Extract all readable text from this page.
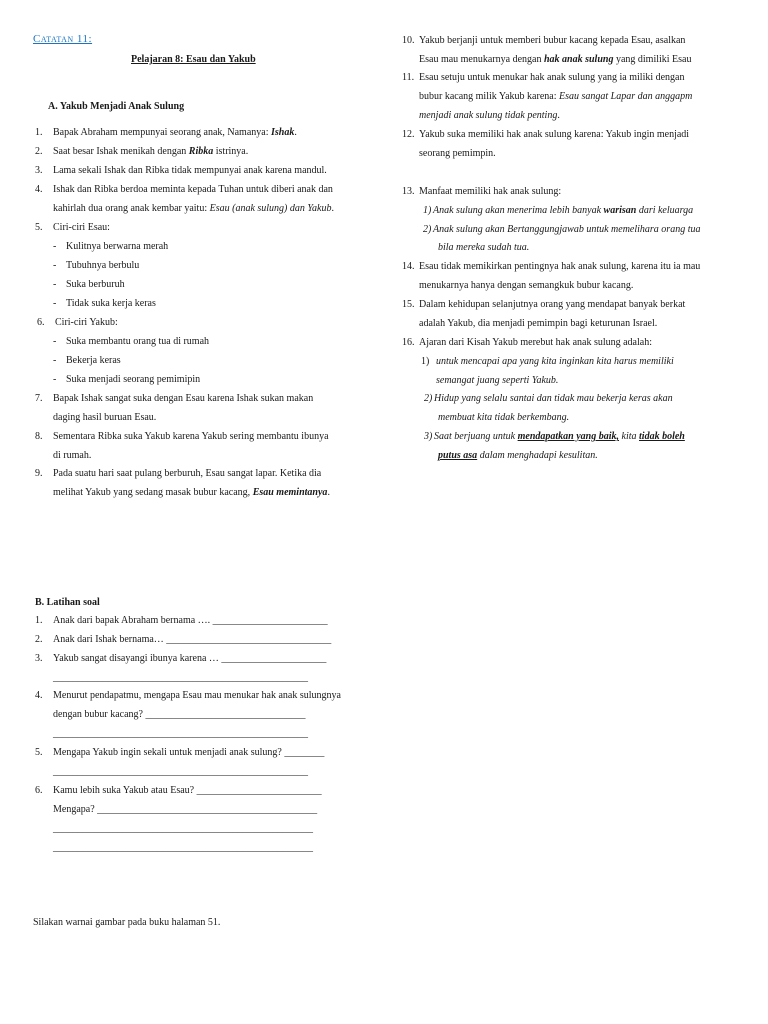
Catatan 11:
Pelajaran 8: Esau dan Yakub
A. Yakub Menjadi Anak Sulung
1. Bapak Abraham mempunyai seorang anak, Namanya: Ishak.
2. Saat besar Ishak menikah dengan Ribka istrinya.
3. Lama sekali Ishak dan Ribka tidak mempunyai anak karena mandul.
4. Ishak dan Ribka berdoa meminta kepada Tuhan untuk diberi anak dan
kahirlah dua orang anak kembar yaitu: Esau (anak sulung) dan Yakub.
5. Ciri-ciri Esau:
- Kulitnya berwarna merah
- Tubuhnya berbulu
- Suka berburuh
- Tidak suka kerja keras
6. Ciri-ciri Yakub:
- Suka membantu orang tua di rumah
- Bekerja keras
- Suka menjadi seorang pemimipin
7. Bapak Ishak sangat suka dengan Esau karena Ishak sukan makan
daging hasil buruan Esau.
8. Sementara Ribka suka Yakub karena Yakub sering membantu ibunya
di rumah.
9. Pada suatu hari saat pulang berburuh, Esau sangat lapar. Ketika dia
melihat Yakub yang sedang masak bubur kacang, Esau memintanya.
10. Yakub berjanji untuk memberi bubur kacang kepada Esau, asalkan
Esau mau menukarnya dengan hak anak sulung yang dimiliki Esau
11. Esau setuju untuk menukar hak anak sulung yang ia miliki dengan
bubur kacang milik Yakub karena: Esau sangat Lapar dan anggapm
menjadi anak sulung tidak penting.
12. Yakub suka memiliki hak anak sulung karena: Yakub ingin menjadi
seorang pemimpin.
13. Manfaat memiliki hak anak sulung:
1) Anak sulung akan menerima lebih banyak warisan dari keluarga
2) Anak sulung akan Bertanggungjawab untuk memelihara orang tua
bila mereka sudah tua.
14. Esau tidak memikirkan pentingnya hak anak sulung, karena itu ia mau
menukarnya hanya dengan semangkuk bubur kacang.
15. Dalam kehidupan selanjutnya orang yang mendapat banyak berkat
adalah Yakub, dia menjadi pemimpin bagi keturunan Israel.
16. Ajaran dari Kisah Yakub merebut hak anak sulung adalah:
1) untuk mencapai apa yang kita inginkan kita harus memiliki
semangat juang seperti Yakub.
2) Hidup yang selalu santai dan tidak mau bekerja keras akan
membuat kita tidak berkembang.
3) Saat berjuang untuk mendapatkan yang baik, kita tidak boleh
putus asa dalam menghadapi kesulitan.
B. Latihan soal
1. Anak dari bapak Abraham bernama …. _______________________
2. Anak dari Ishak bernama… _________________________________
3. Yakub sangat disayangi ibunya karena … _____________________
___________________________________________________
4. Menurut pendapatmu, mengapa Esau mau menukar hak anak sulungnya
dengan bubur kacang? ________________________________
___________________________________________________
5. Mengapa Yakub ingin sekali untuk menjadi anak sulung? ________
___________________________________________________
6. Kamu lebih suka Yakub atau Esau? _________________________
Mengapa? ____________________________________________
____________________________________________________
____________________________________________________
Silakan warnai gambar pada buku halaman 51.
